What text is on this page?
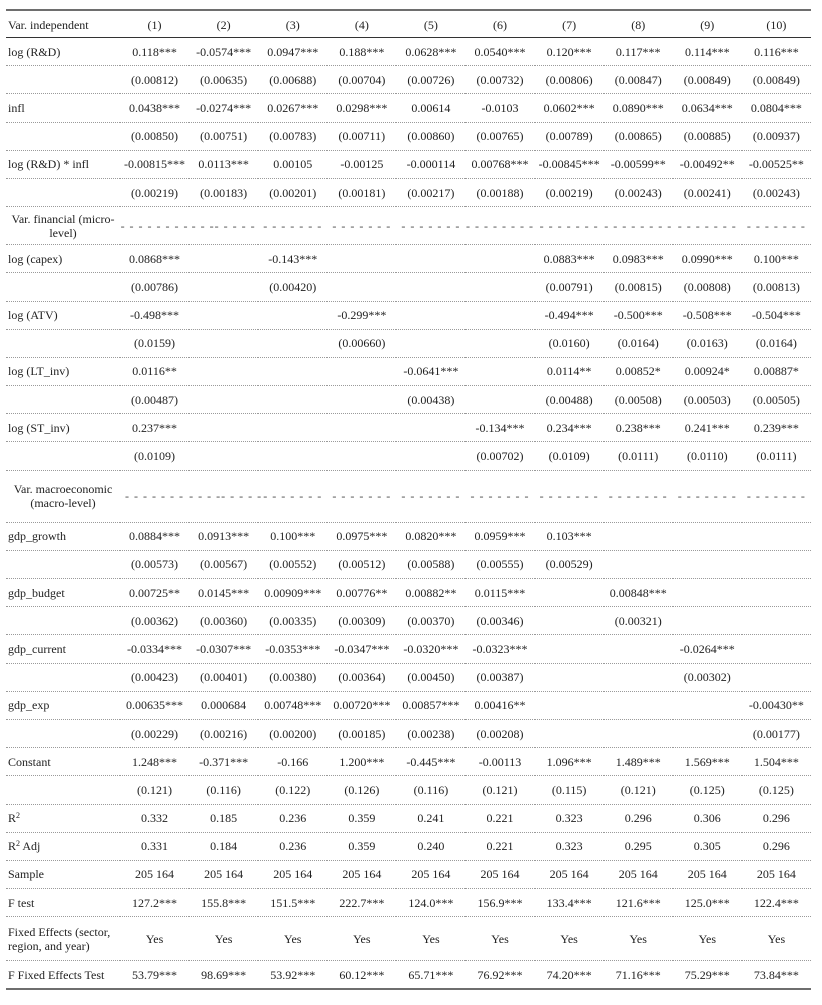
Var. independent	(1)	(2)	(3)	(4)	(5)	(6)	(7)	(8)	(9)	(10)
log (R&D)	0.118***	-0.0574***	0.0947***	0.188***	0.0628***	0.0540***	0.120***	0.117***	0.114***	0.116***
	(0.00812)	(0.00635)	(0.00688)	(0.00704)	(0.00726)	(0.00732)	(0.00806)	(0.00847)	(0.00849)	(0.00849)
infl	0.0438***	-0.0274***	0.0267***	0.0298***	0.00614	-0.0103	0.0602***	0.0890***	0.0634***	0.0804***
	(0.00850)	(0.00751)	(0.00783)	(0.00711)	(0.00860)	(0.00765)	(0.00789)	(0.00865)	(0.00885)	(0.00937)
log (R&D) * infl	-0.00815***	0.0113***	0.00105	-0.00125	-0.000114	0.00768***	-0.00845***	-0.00599**	-0.00492**	-0.00525**
	(0.00219)	(0.00183)	(0.00201)	(0.00181)	(0.00217)	(0.00188)	(0.00219)	(0.00243)	(0.00241)	(0.00243)
Var. financial (micro-level)	- - - - - - - -	- - -- - - - -	- - - - - - -	- - - - - - -	- - - - - - -	- - - - - - - -	- - - - - - -	- - - - - - - -	- - - - - - -	- - - - - - -
log (capex)	0.0868***		-0.143***				0.0883***	0.0983***	0.0990***	0.100***
	(0.00786)		(0.00420)				(0.00791)	(0.00815)	(0.00808)	(0.00813)
log (ATV)	-0.498***			-0.299***			-0.494***	-0.500***	-0.508***	-0.504***
	(0.0159)			(0.00660)			(0.0160)	(0.0164)	(0.0163)	(0.0164)
log (LT_inv)	0.0116**				-0.0641***		0.0114**	0.00852*	0.00924*	0.00887*
	(0.00487)				(0.00438)		(0.00488)	(0.00508)	(0.00503)	(0.00505)
log (ST_inv)	0.237***					-0.134***	0.234***	0.238***	0.241***	0.239***
	(0.0109)					(0.00702)	(0.0109)	(0.0111)	(0.0110)	(0.0111)
Var. macroeconomic (macro-level)	- - - - - - -	- - - -- - - - -	- - - - - - -	- - - - - - -	- - - - - - -	- - - - - - -	- - - - - - -	- - - - - - -	- - - - - - -	- - - - - - -
gdp_growth	0.0884***	0.0913***	0.100***	0.0975***	0.0820***	0.0959***	0.103***			
	(0.00573)	(0.00567)	(0.00552)	(0.00512)	(0.00588)	(0.00555)	(0.00529)			
gdp_budget	0.00725**	0.0145***	0.00909***	0.00776**	0.00882**	0.0115***		0.00848***		
	(0.00362)	(0.00360)	(0.00335)	(0.00309)	(0.00370)	(0.00346)		(0.00321)		
gdp_current	-0.0334***	-0.0307***	-0.0353***	-0.0347***	-0.0320***	-0.0323***			-0.0264***	
	(0.00423)	(0.00401)	(0.00380)	(0.00364)	(0.00450)	(0.00387)			(0.00302)	
gdp_exp	0.00635***	0.000684	0.00748***	0.00720***	0.00857***	0.00416**				-0.00430**
	(0.00229)	(0.00216)	(0.00200)	(0.00185)	(0.00238)	(0.00208)				(0.00177)
Constant	1.248***	-0.371***	-0.166	1.200***	-0.445***	-0.00113	1.096***	1.489***	1.569***	1.504***
	(0.121)	(0.116)	(0.122)	(0.126)	(0.116)	(0.121)	(0.115)	(0.121)	(0.125)	(0.125)
$R^2$	0.332	0.185	0.236	0.359	0.241	0.221	0.323	0.296	0.306	0.296
$R^2$ Adj	0.331	0.184	0.236	0.359	0.240	0.221	0.323	0.295	0.305	0.296
Sample	205 164	205 164	205 164	205 164	205 164	205 164	205 164	205 164	205 164	205 164
F test	127.2***	155.8***	151.5***	222.7***	124.0***	156.9***	133.4***	121.6***	125.0***	122.4***
Fixed Effects (sector, region, and year)	Yes	Yes	Yes	Yes	Yes	Yes	Yes	Yes	Yes	Yes
F Fixed Effects Test	53.79***	98.69***	53.92***	60.12***	65.71***	76.92***	74.20***	71.16***	75.29***	73.84***
